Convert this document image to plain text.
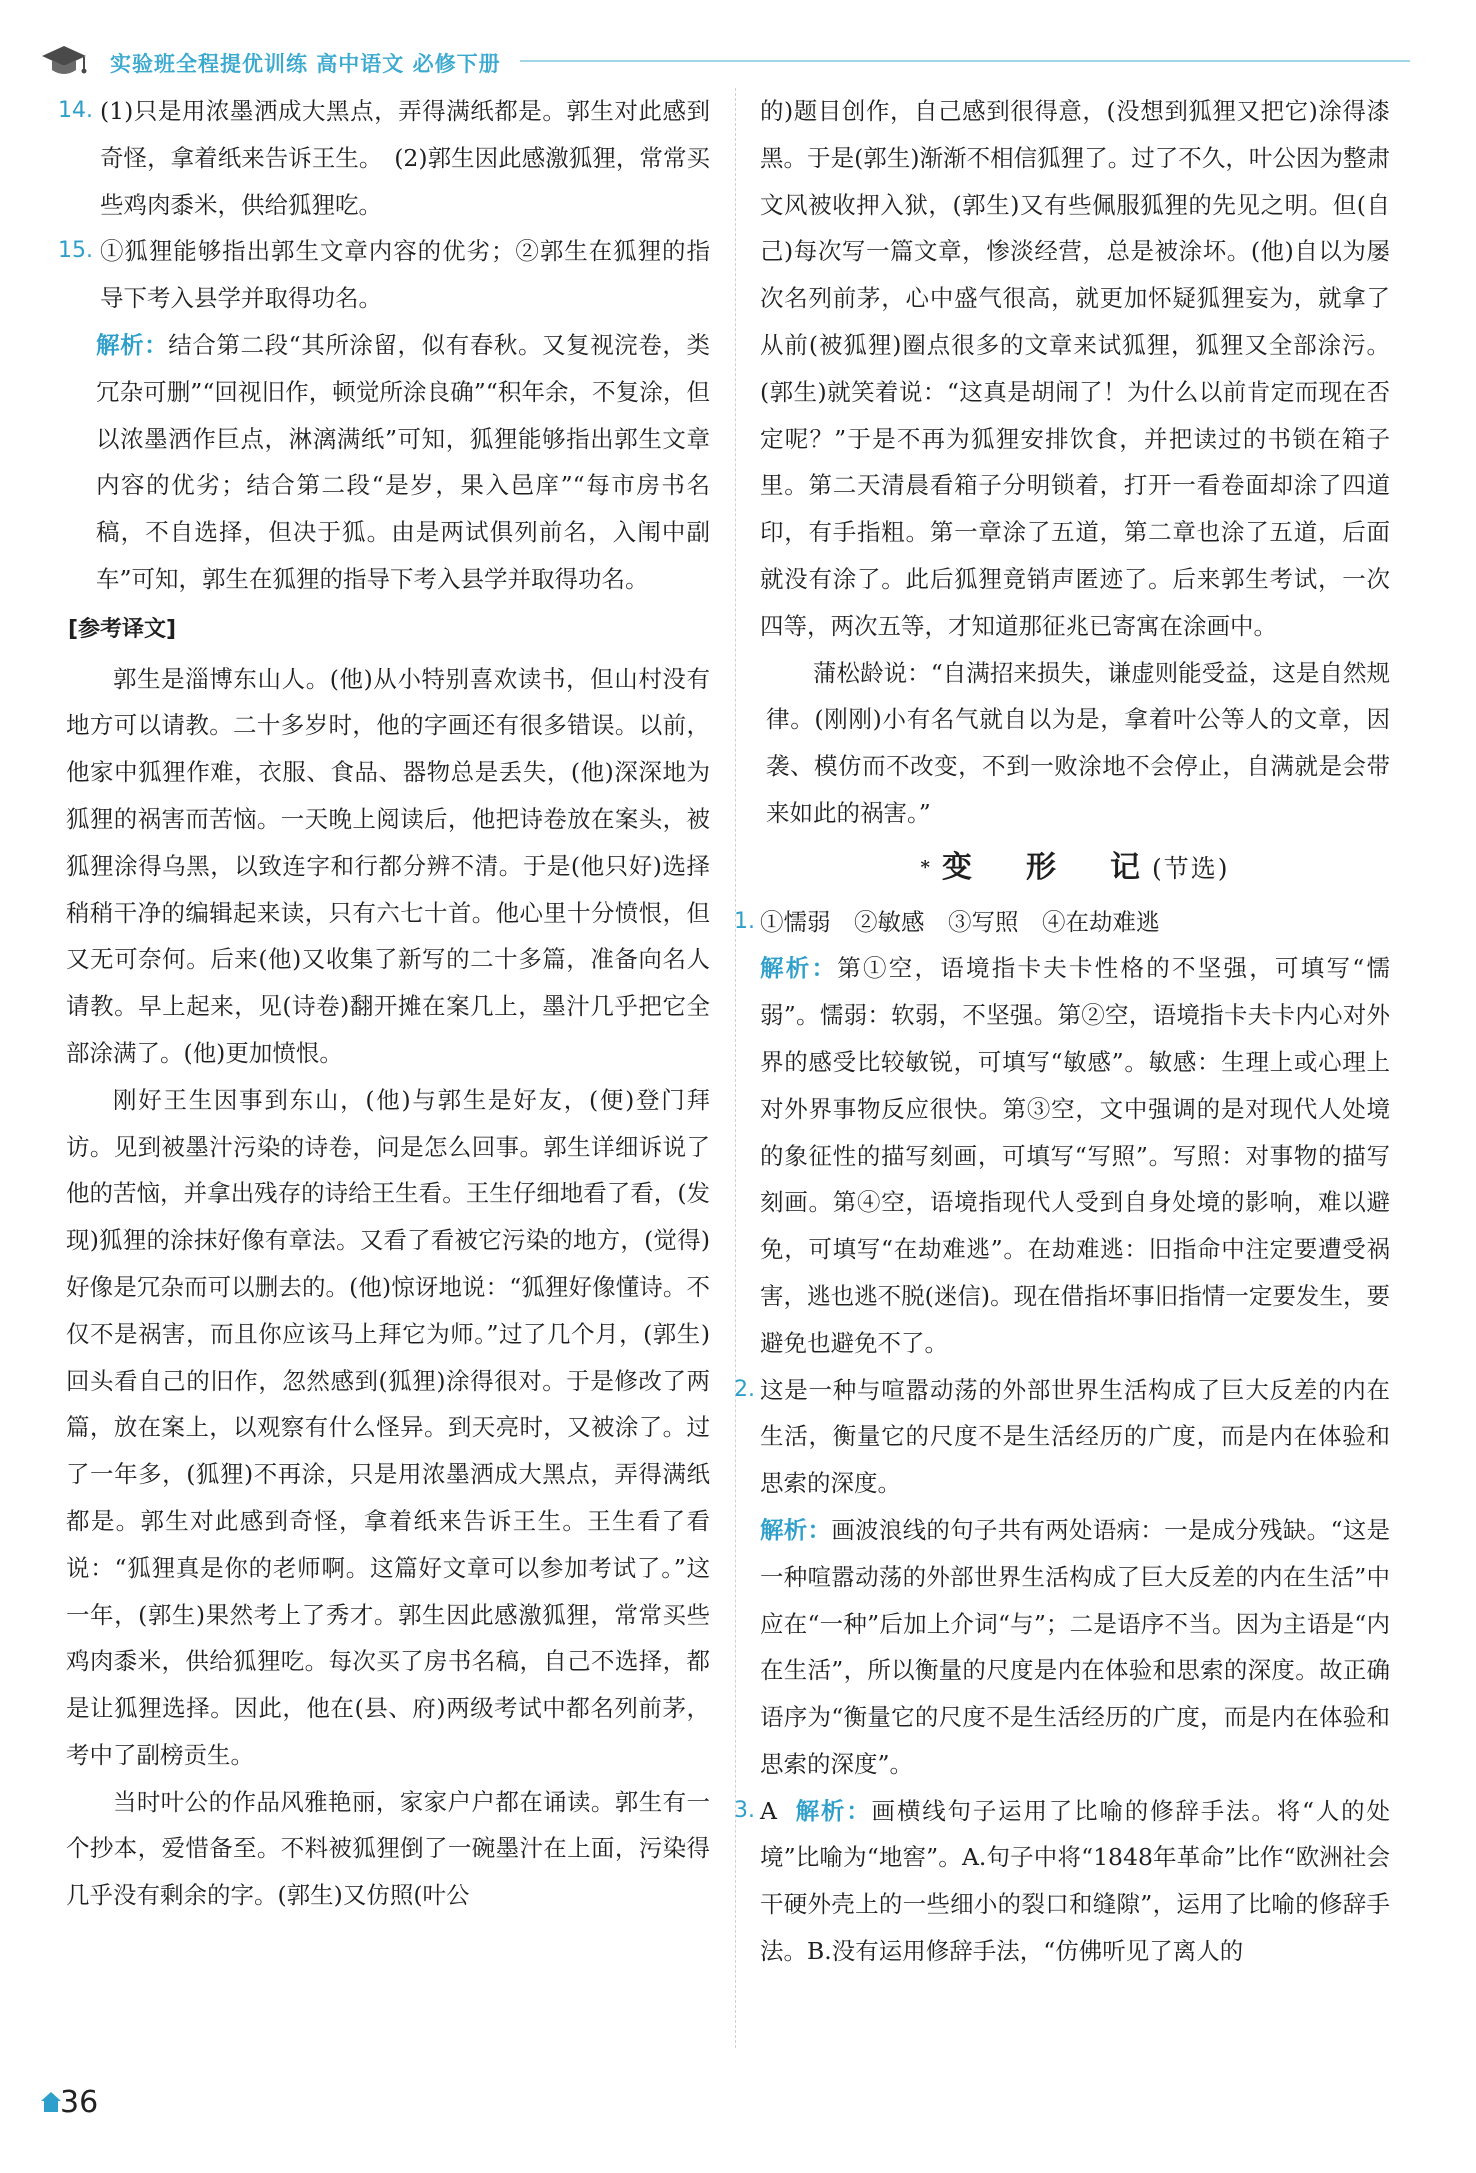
实验班全程提优训练 高中语文 必修下册
14. (1)只是用浓墨洒成大黑点，弄得满纸都是。郭生对此感到奇怪，拿着纸来告诉王生。　(2)郭生因此感激狐狸，常常买些鸡肉黍米，供给狐狸吃。
15. ①狐狸能够指出郭生文章内容的优劣；②郭生在狐狸的指导下考入县学并取得功名。
解析：结合第二段“其所涂留，似有春秋。又复视浣卷，类冗杂可删”“回视旧作，顿觉所涂良确”“积年余，不复涂，但以浓墨洒作巨点，淋漓满纸”可知，狐狸能够指出郭生文章内容的优劣；结合第二段“是岁，果入邑庠”“每市房书名稿，不自选择，但决于狐。由是两试俱列前名，入闱中副车”可知，郭生在狐狸的指导下考入县学并取得功名。
[参考译文]
郭生是淄博东山人。(他)从小特别喜欢读书，但山村没有地方可以请教。二十多岁时，他的字画还有很多错误。以前，他家中狐狸作难，衣服、食品、器物总是丢失，(他)深深地为狐狸的祸害而苦恼。一天晚上阅读后，他把诗卷放在案头，被狐狸涂得乌黑，以致连字和行都分辨不清。于是(他只好)选择稍稍干净的编辑起来读，只有六七十首。他心里十分愤恨，但又无可奈何。后来(他)又收集了新写的二十多篇，准备向名人请教。早上起来，见(诗卷)翻开摊在案几上，墨汁几乎把它全部涂满了。(他)更加愤恨。
刚好王生因事到东山，(他)与郭生是好友，(便)登门拜访。见到被墨汁污染的诗卷，问是怎么回事。郭生详细诉说了他的苦恼，并拿出残存的诗给王生看。王生仔细地看了看，(发现)狐狸的涂抹好像有章法。又看了看被它污染的地方，(觉得)好像是冗杂而可以删去的。(他)惊讶地说：“狐狸好像懂诗。不仅不是祸害，而且你应该马上拜它为师。”过了几个月，(郭生)回头看自己的旧作，忽然感到(狐狸)涂得很对。于是修改了两篇，放在案上，以观察有什么怪异。到天亮时，又被涂了。过了一年多，(狐狸)不再涂，只是用浓墨洒成大黑点，弄得满纸都是。郭生对此感到奇怪，拿着纸来告诉王生。王生看了看说：“狐狸真是你的老师啊。这篇好文章可以参加考试了。”这一年，(郭生)果然考上了秀才。郭生因此感激狐狸，常常买些鸡肉黍米，供给狐狸吃。每次买了房书名稿，自己不选择，都是让狐狸选择。因此，他在(县、府)两级考试中都名列前茅，考中了副榜贡生。
当时叶公的作品风雅艳丽，家家户户都在诵读。郭生有一个抄本，爱惜备至。不料被狐狸倒了一碗墨汁在上面，污染得几乎没有剩余的字。(郭生)又仿照(叶公
的)题目创作，自己感到很得意，(没想到狐狸又把它)涂得漆黑。于是(郭生)渐渐不相信狐狸了。过了不久，叶公因为整肃文风被收押入狱，(郭生)又有些佩服狐狸的先见之明。但(自己)每次写一篇文章，惨淡经营，总是被涂坏。(他)自以为屡次名列前茅，心中盛气很高，就更加怀疑狐狸妄为，就拿了从前(被狐狸)圈点很多的文章来试狐狸，狐狸又全部涂污。(郭生)就笑着说：“这真是胡闹了！为什么以前肯定而现在否定呢？”于是不再为狐狸安排饮食，并把读过的书锁在箱子里。第二天清晨看箱子分明锁着，打开一看卷面却涂了四道印，有手指粗。第一章涂了五道，第二章也涂了五道，后面就没有涂了。此后狐狸竟销声匿迹了。后来郭生考试，一次四等，两次五等，才知道那征兆已寄寓在涂画中。
蒲松龄说：“自满招来损失，谦虚则能受益，这是自然规律。(刚刚)小有名气就自以为是，拿着叶公等人的文章，因袭、模仿而不改变，不到一败涂地不会停止，自满就是会带来如此的祸害。”
*变　形　记(节选)
1. ①懦弱　②敏感　③写照　④在劫难逃
解析：第①空，语境指卡夫卡性格的不坚强，可填写“懦弱”。懦弱：软弱，不坚强。第②空，语境指卡夫卡内心对外界的感受比较敏锐，可填写“敏感”。敏感：生理上或心理上对外界事物反应很快。第③空，文中强调的是对现代人处境的象征性的描写刻画，可填写“写照”。写照：对事物的描写刻画。第④空，语境指现代人受到自身处境的影响，难以避免，可填写“在劫难逃”。在劫难逃：旧指命中注定要遭受祸害，逃也逃不脱(迷信)。现在借指坏事旧指情一定要发生，要避免也避免不了。
2. 这是一种与喧嚣动荡的外部世界生活构成了巨大反差的内在生活，衡量它的尺度不是生活经历的广度，而是内在体验和思索的深度。
解析：画波浪线的句子共有两处语病：一是成分残缺。“这是一种喧嚣动荡的外部世界生活构成了巨大反差的内在生活”中应在“一种”后加上介词“与”；二是语序不当。因为主语是“内在生活”，所以衡量的尺度是内在体验和思索的深度。故正确语序为“衡量它的尺度不是生活经历的广度，而是内在体验和思索的深度”。
3. A 解析：画横线句子运用了比喻的修辞手法。将“人的处境”比喻为“地窖”。A.句子中将“1848年革命”比作“欧洲社会干硬外壳上的一些细小的裂口和缝隙”，运用了比喻的修辞手法。B.没有运用修辞手法，“仿佛听见了离人的
36
